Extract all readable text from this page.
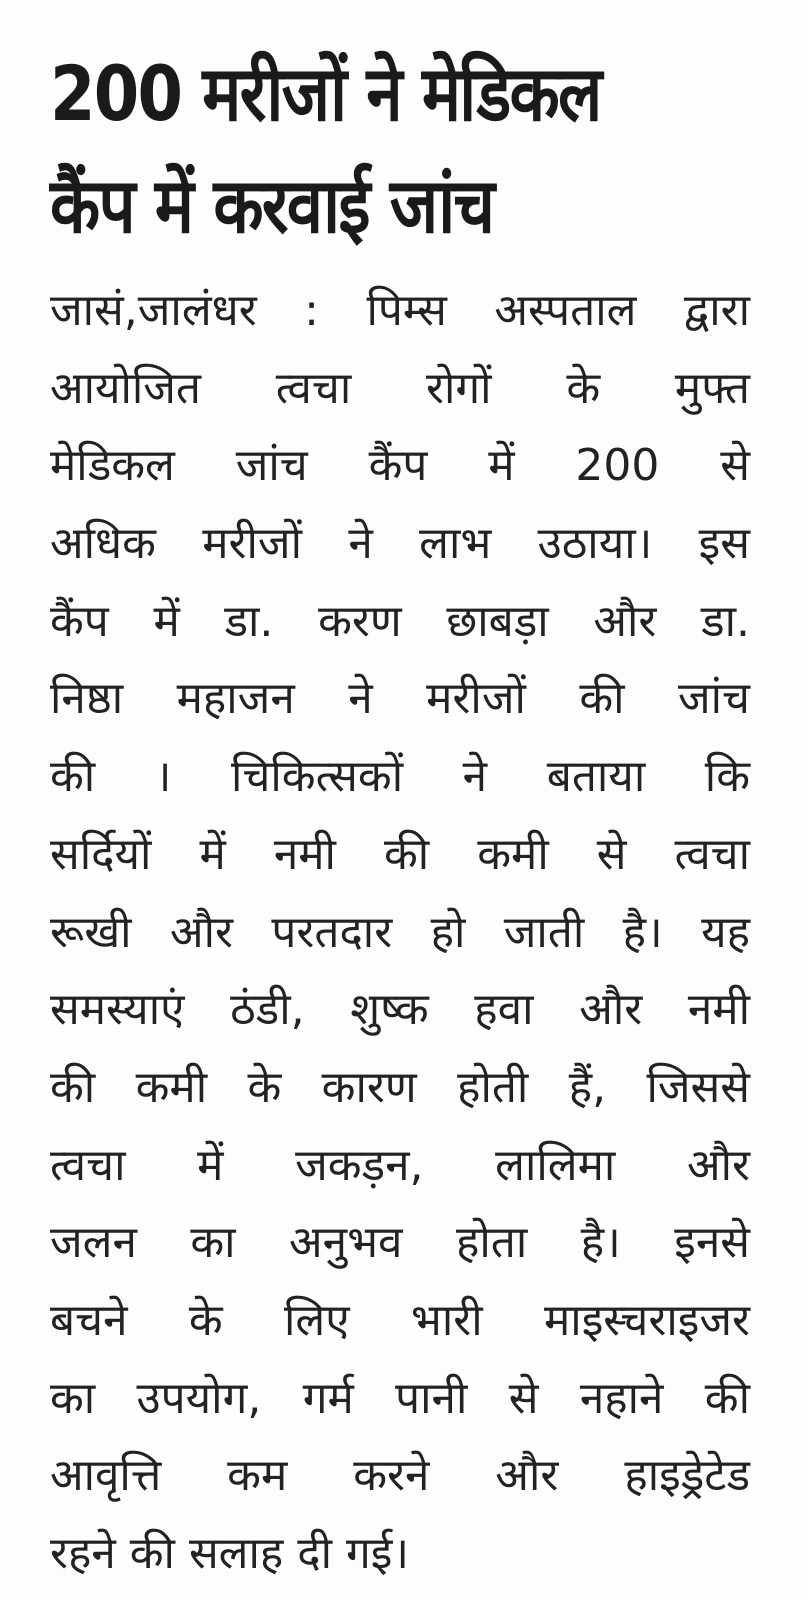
200 मरीजों ने मेडिकल
कैंप में करवाई जांच
जासं,जालंधर : पिम्स अस्पताल द्वारा
आयोजित त्वचा रोगों के मुफ्त
मेडिकल जांच कैंप में 200 से
अधिक मरीजों ने लाभ उठाया। इस
कैंप में डा. करण छाबड़ा और डा.
निष्ठा महाजन ने मरीजों की जांच
की । चिकित्सकों ने बताया कि
सर्दियों में नमी की कमी से त्वचा
रूखी और परतदार हो जाती है। यह
समस्याएं ठंडी, शुष्क हवा और नमी
की कमी के कारण होती हैं, जिससे
त्वचा में जकड़न, लालिमा और
जलन का अनुभव होता है। इनसे
बचने के लिए भारी माइस्चराइजर
का उपयोग, गर्म पानी से नहाने की
आवृत्ति कम करने और हाइड्रेटेड
रहने की सलाह दी गई।
